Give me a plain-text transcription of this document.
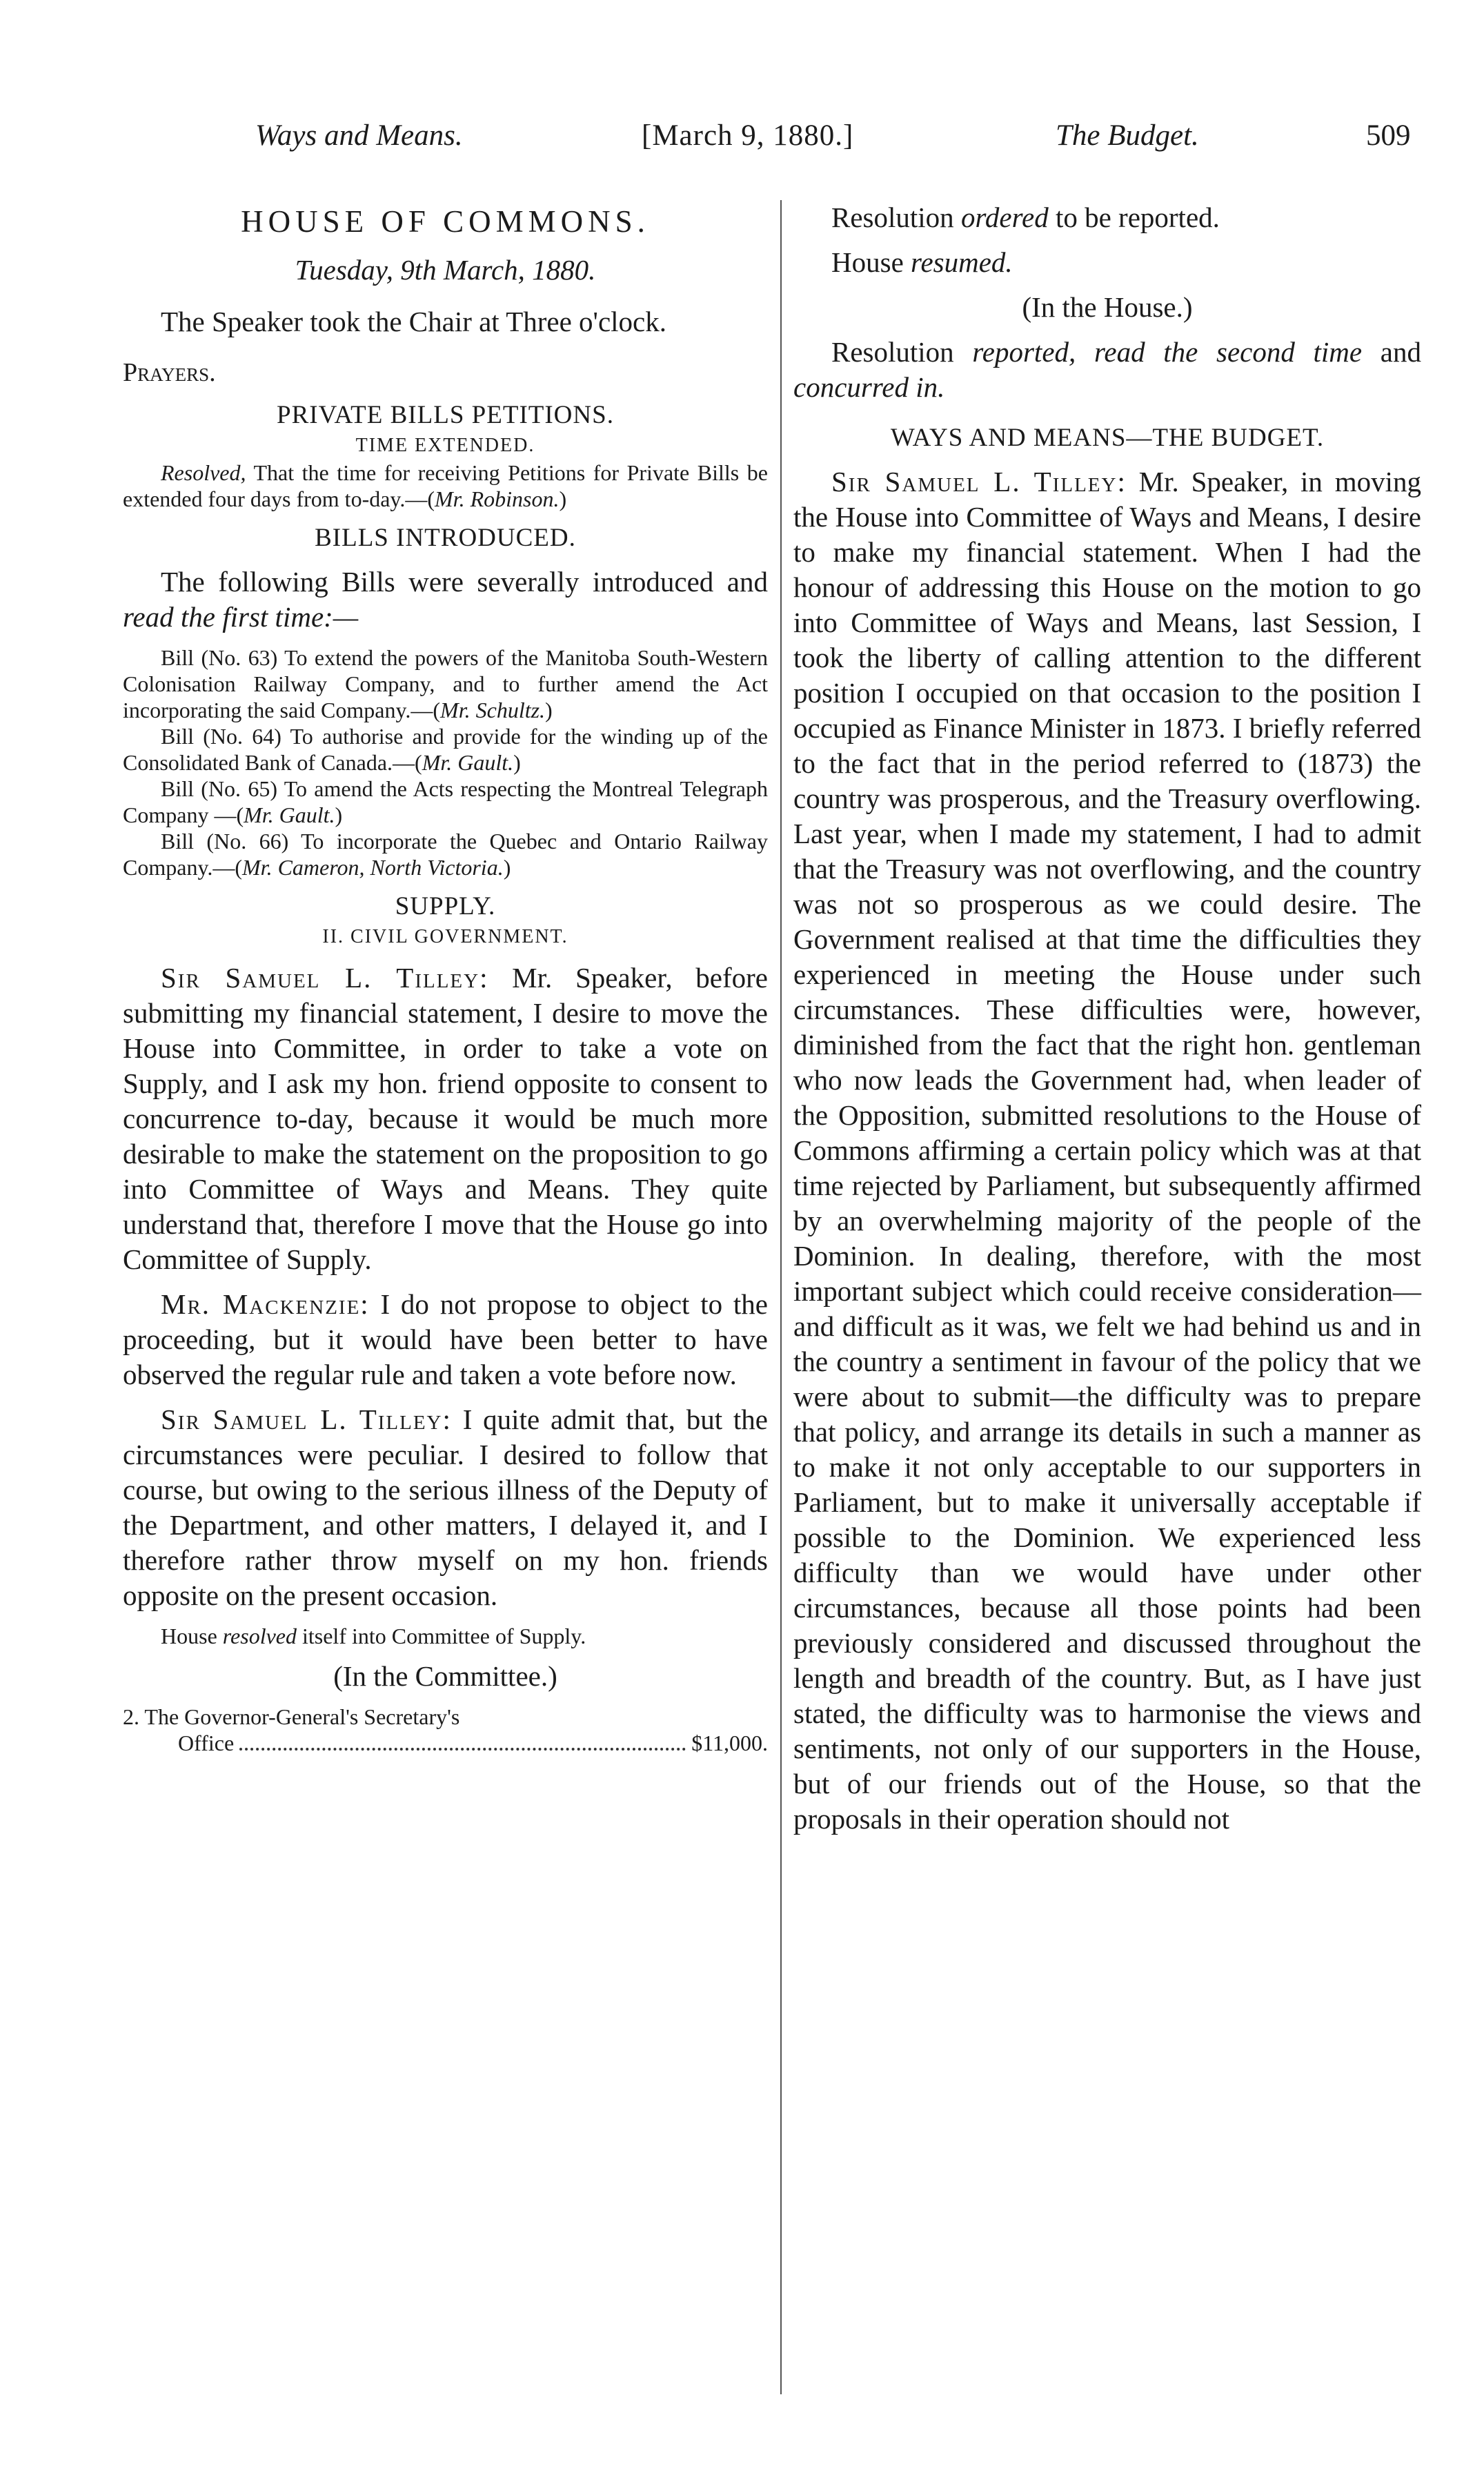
Ways and Means.	[March 9, 1880.]	The Budget.	509

HOUSE OF COMMONS.

Tuesday, 9th March, 1880.

The Speaker took the Chair at Three o'clock.

Prayers.

PRIVATE BILLS PETITIONS.

TIME EXTENDED.

Resolved, That the time for receiving Petitions for Private Bills be extended four days from to-day.—(Mr. Robinson.)

BILLS INTRODUCED.

The following Bills were severally introduced and read the first time:—

Bill (No. 63) To extend the powers of the Manitoba South-Western Colonisation Railway Company, and to further amend the Act incorporating the said Company.—(Mr. Schultz.)

Bill (No. 64) To authorise and provide for the winding up of the Consolidated Bank of Canada.—(Mr. Gault.)

Bill (No. 65) To amend the Acts respecting the Montreal Telegraph Company —(Mr. Gault.)

Bill (No. 66) To incorporate the Quebec and Ontario Railway Company.—(Mr. Cameron, North Victoria.)

SUPPLY.

II. CIVIL GOVERNMENT.

Sir Samuel L. Tilley: Mr. Speaker, before submitting my financial statement, I desire to move the House into Committee, in order to take a vote on Supply, and I ask my hon. friend opposite to consent to concurrence to-day, because it would be much more desirable to make the statement on the proposition to go into Committee of Ways and Means. They quite understand that, therefore I move that the House go into Committee of Supply.

Mr. Mackenzie: I do not propose to object to the proceeding, but it would have been better to have observed the regular rule and taken a vote before now.

Sir Samuel L. Tilley: I quite admit that, but the circumstances were peculiar. I desired to follow that course, but owing to the serious illness of the Deputy of the Department, and other matters, I delayed it, and I therefore rather throw myself on my hon. friends opposite on the present occasion.

House resolved itself into Committee of Supply.

(In the Committee.)

2. The Governor-General's Secretary's

Office	$11,000.

Resolution ordered to be reported.

House resumed.

(In the House.)

Resolution reported, read the second time and concurred in.

WAYS AND MEANS—THE BUDGET.

Sir Samuel L. Tilley: Mr. Speaker, in moving the House into Committee of Ways and Means, I desire to make my financial statement. When I had the honour of addressing this House on the motion to go into Committee of Ways and Means, last Session, I took the liberty of calling attention to the different position I occupied on that occasion to the position I occupied as Finance Minister in 1873. I briefly referred to the fact that in the period referred to (1873) the country was prosperous, and the Treasury overflowing. Last year, when I made my statement, I had to admit that the Treasury was not overflowing, and the country was not so prosperous as we could desire. The Government realised at that time the difficulties they experienced in meeting the House under such circumstances. These difficulties were, however, diminished from the fact that the right hon. gentleman who now leads the Government had, when leader of the Opposition, submitted resolutions to the House of Commons affirming a certain policy which was at that time rejected by Parliament, but subsequently affirmed by an overwhelming majority of the people of the Dominion. In dealing, therefore, with the most important subject which could receive consideration—and difficult as it was, we felt we had behind us and in the country a sentiment in favour of the policy that we were about to submit—the difficulty was to prepare that policy, and arrange its details in such a manner as to make it not only acceptable to our supporters in Parliament, but to make it universally acceptable if possible to the Dominion. We experienced less difficulty than we would have under other circumstances, because all those points had been previously considered and discussed throughout the length and breadth of the country. But, as I have just stated, the difficulty was to harmonise the views and sentiments, not only of our supporters in the House, but of our friends out of the House, so that the proposals in their operation should not
